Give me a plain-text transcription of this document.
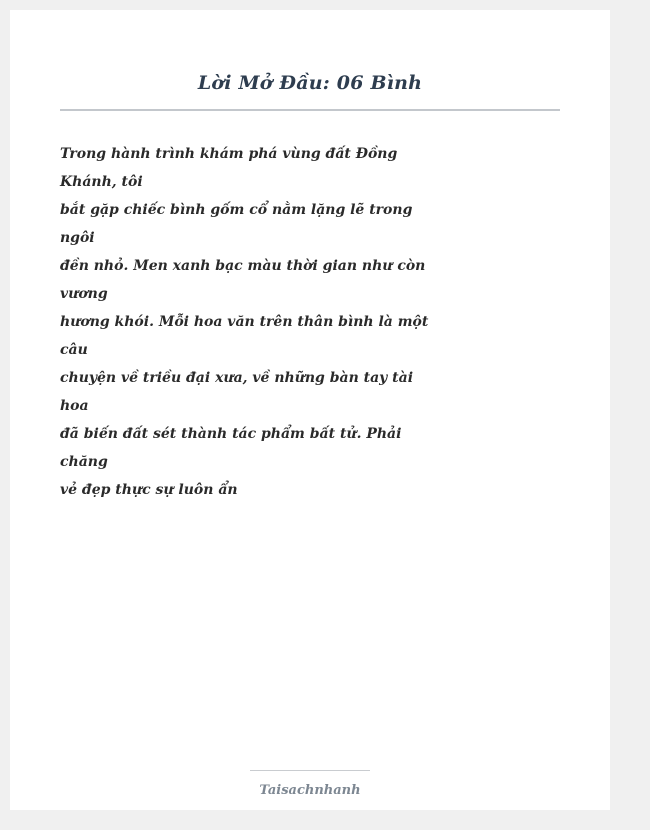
Lời Mở Đầu: 06 Bình
Trong hành trình khám phá vùng đất Đồng
Khánh, tôi
bắt gặp chiếc bình gốm cổ nằm lặng lẽ trong
ngôi
đền nhỏ. Men xanh bạc màu thời gian như còn
vương
hương khói. Mỗi hoa văn trên thân bình là một
câu
chuyện về triều đại xưa, về những bàn tay tài
hoa
đã biến đất sét thành tác phẩm bất tử. Phải
chăng
vẻ đẹp thực sự luôn ẩn
Taisachnhanh
